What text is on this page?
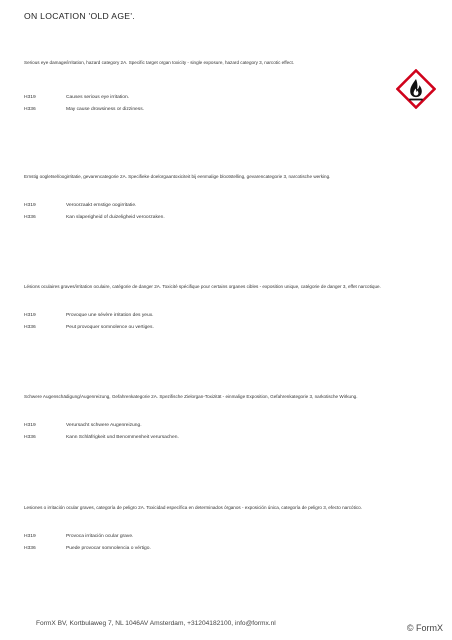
ON LOCATION 'OLD AGE'.
Serious eye damage/irritation, hazard category 2A. Specific target organ toxicity - single exposure, hazard category 3, narcotic effect.
H319	Causes serious eye irritation.
H336	May cause drowsiness or dizziness.
Ernstig oogletsel/oogirritatie, gevarencategorie 2A. Specifieke doelorgaantoxiciteit bij eenmalige blootstelling, gevarencategorie 3, narcotische werking.
H319	Veroorzaakt ernstige oogirritatie.
H336	Kan slaperigheid of duizeligheid veroorzaken.
Lésions oculaires graves/irritation oculaire, catégorie de danger 2A. Toxicité spécifique pour certains organes cibles - exposition unique, catégorie de danger 3, effet narcotique.
H319	Provoque une sévère irritation des yeux.
H336	Peut provoquer somnolence ou vertiges.
Schwere Augenschädigung/Augenreizung, Gefahrenkategorie 2A. Spezifische Zielorgan-Toxizität - einmalige Exposition, Gefahrenkategorie 3, narkotische Wirkung.
H319	Verursacht schwere Augenreizung.
H336	Kann Schläfrigkeit und Benommenheit verursachen.
Lesiones o irritación ocular graves, categoría de peligro 2A. Toxicidad específica en determinados órganos - exposición única, categoría de peligro 3, efecto narcótico.
H319	Provoca irritación ocular grave.
H336	Puede provocar somnolencia o vértigo.
FormX BV, Kortbulaweg 7, NL 1046AV Amsterdam, +31204182100, info@formx.nl	© FormX
